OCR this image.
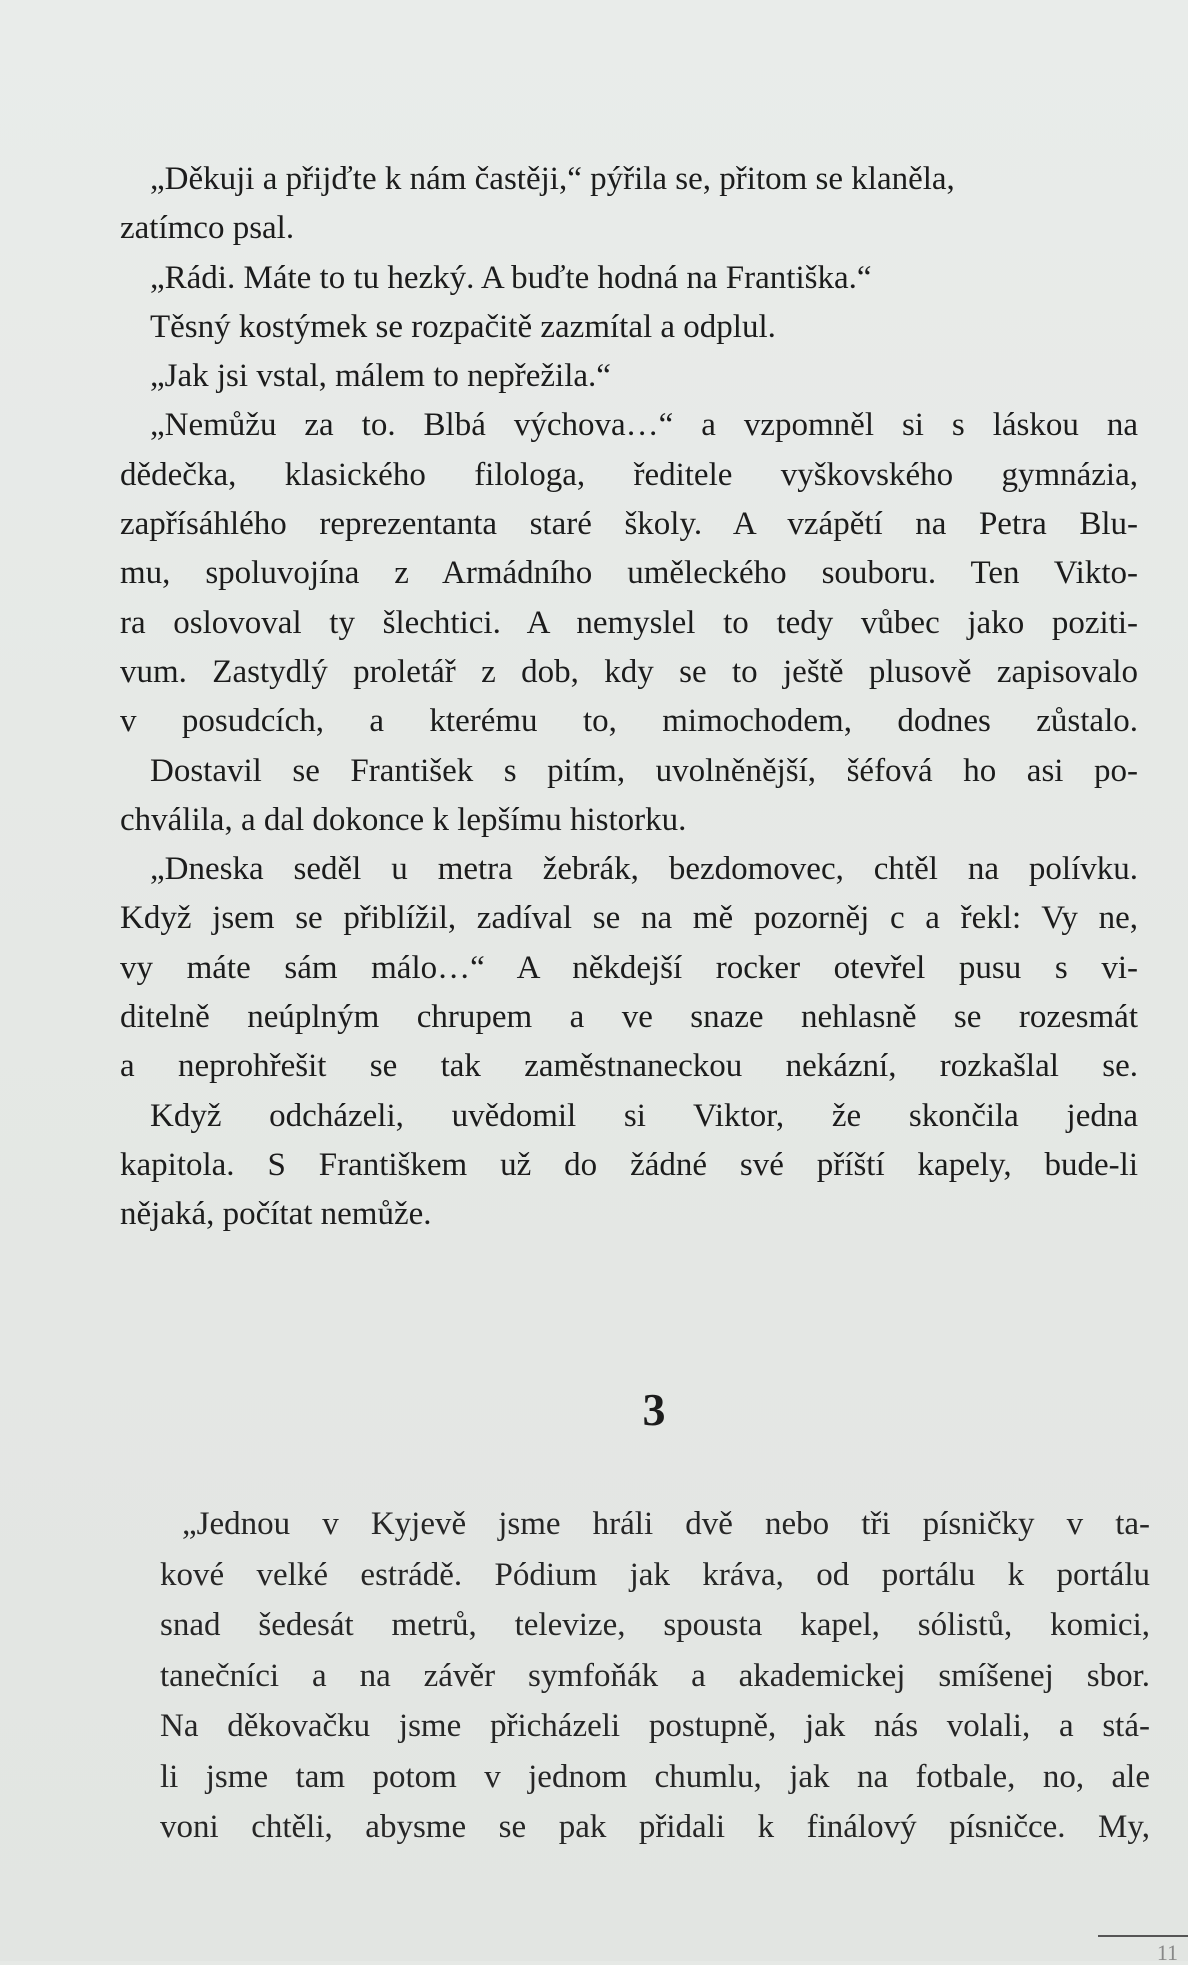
„Děkuji a přijďte k nám častěji,“ pýřila se, přitom se klaněla,
zatímco psal.
„Rádi. Máte to tu hezký. A buďte hodná na Františka.“
Těsný kostýmek se rozpačitě zazmítal a odplul.
„Jak jsi vstal, málem to nepřežila.“
„Nemůžu za to. Blbá výchova…“ a vzpomněl si s láskou na
dědečka, klasického filologa, ředitele vyškovského gymnázia,
zapřísáhlého reprezentanta staré školy. A vzápětí na Petra Blu-
mu, spoluvojína z Armádního uměleckého souboru. Ten Vikto-
ra oslovoval ty šlechtici. A nemyslel to tedy vůbec jako poziti-
vum. Zastydlý proletář z dob, kdy se to ještě plusově zapisovalo
v posudcích, a kterému to, mimochodem, dodnes zůstalo.
Dostavil se František s pitím, uvolněnější, šéfová ho asi po-
chválila, a dal dokonce k lepšímu historku.
„Dneska seděl u metra žebrák, bezdomovec, chtěl na polívku.
Když jsem se přiblížil, zadíval se na mě pozorněj c a řekl: Vy ne,
vy máte sám málo…“ A někdejší rocker otevřel pusu s vi-
ditelně neúplným chrupem a ve snaze nehlasně se rozesmát
a neprohřešit se tak zaměstnaneckou nekázní, rozkašlal se.
Když odcházeli, uvědomil si Viktor, že skončila jedna
kapitola. S Františkem už do žádné své příští kapely, bude-li
nějaká, počítat nemůže.
3
„Jednou v Kyjevě jsme hráli dvě nebo tři písničky v ta-
kové velké estrádě. Pódium jak kráva, od portálu k portálu
snad šedesát metrů, televize, spousta kapel, sólistů, komici,
tanečníci a na závěr symfoňák a akademickej smíšenej sbor.
Na děkovačku jsme přicházeli postupně, jak nás volali, a stá-
li jsme tam potom v jednom chumlu, jak na fotbale, no, ale
voni chtěli, abysme se pak přidali k finálový písničce. My,
11
